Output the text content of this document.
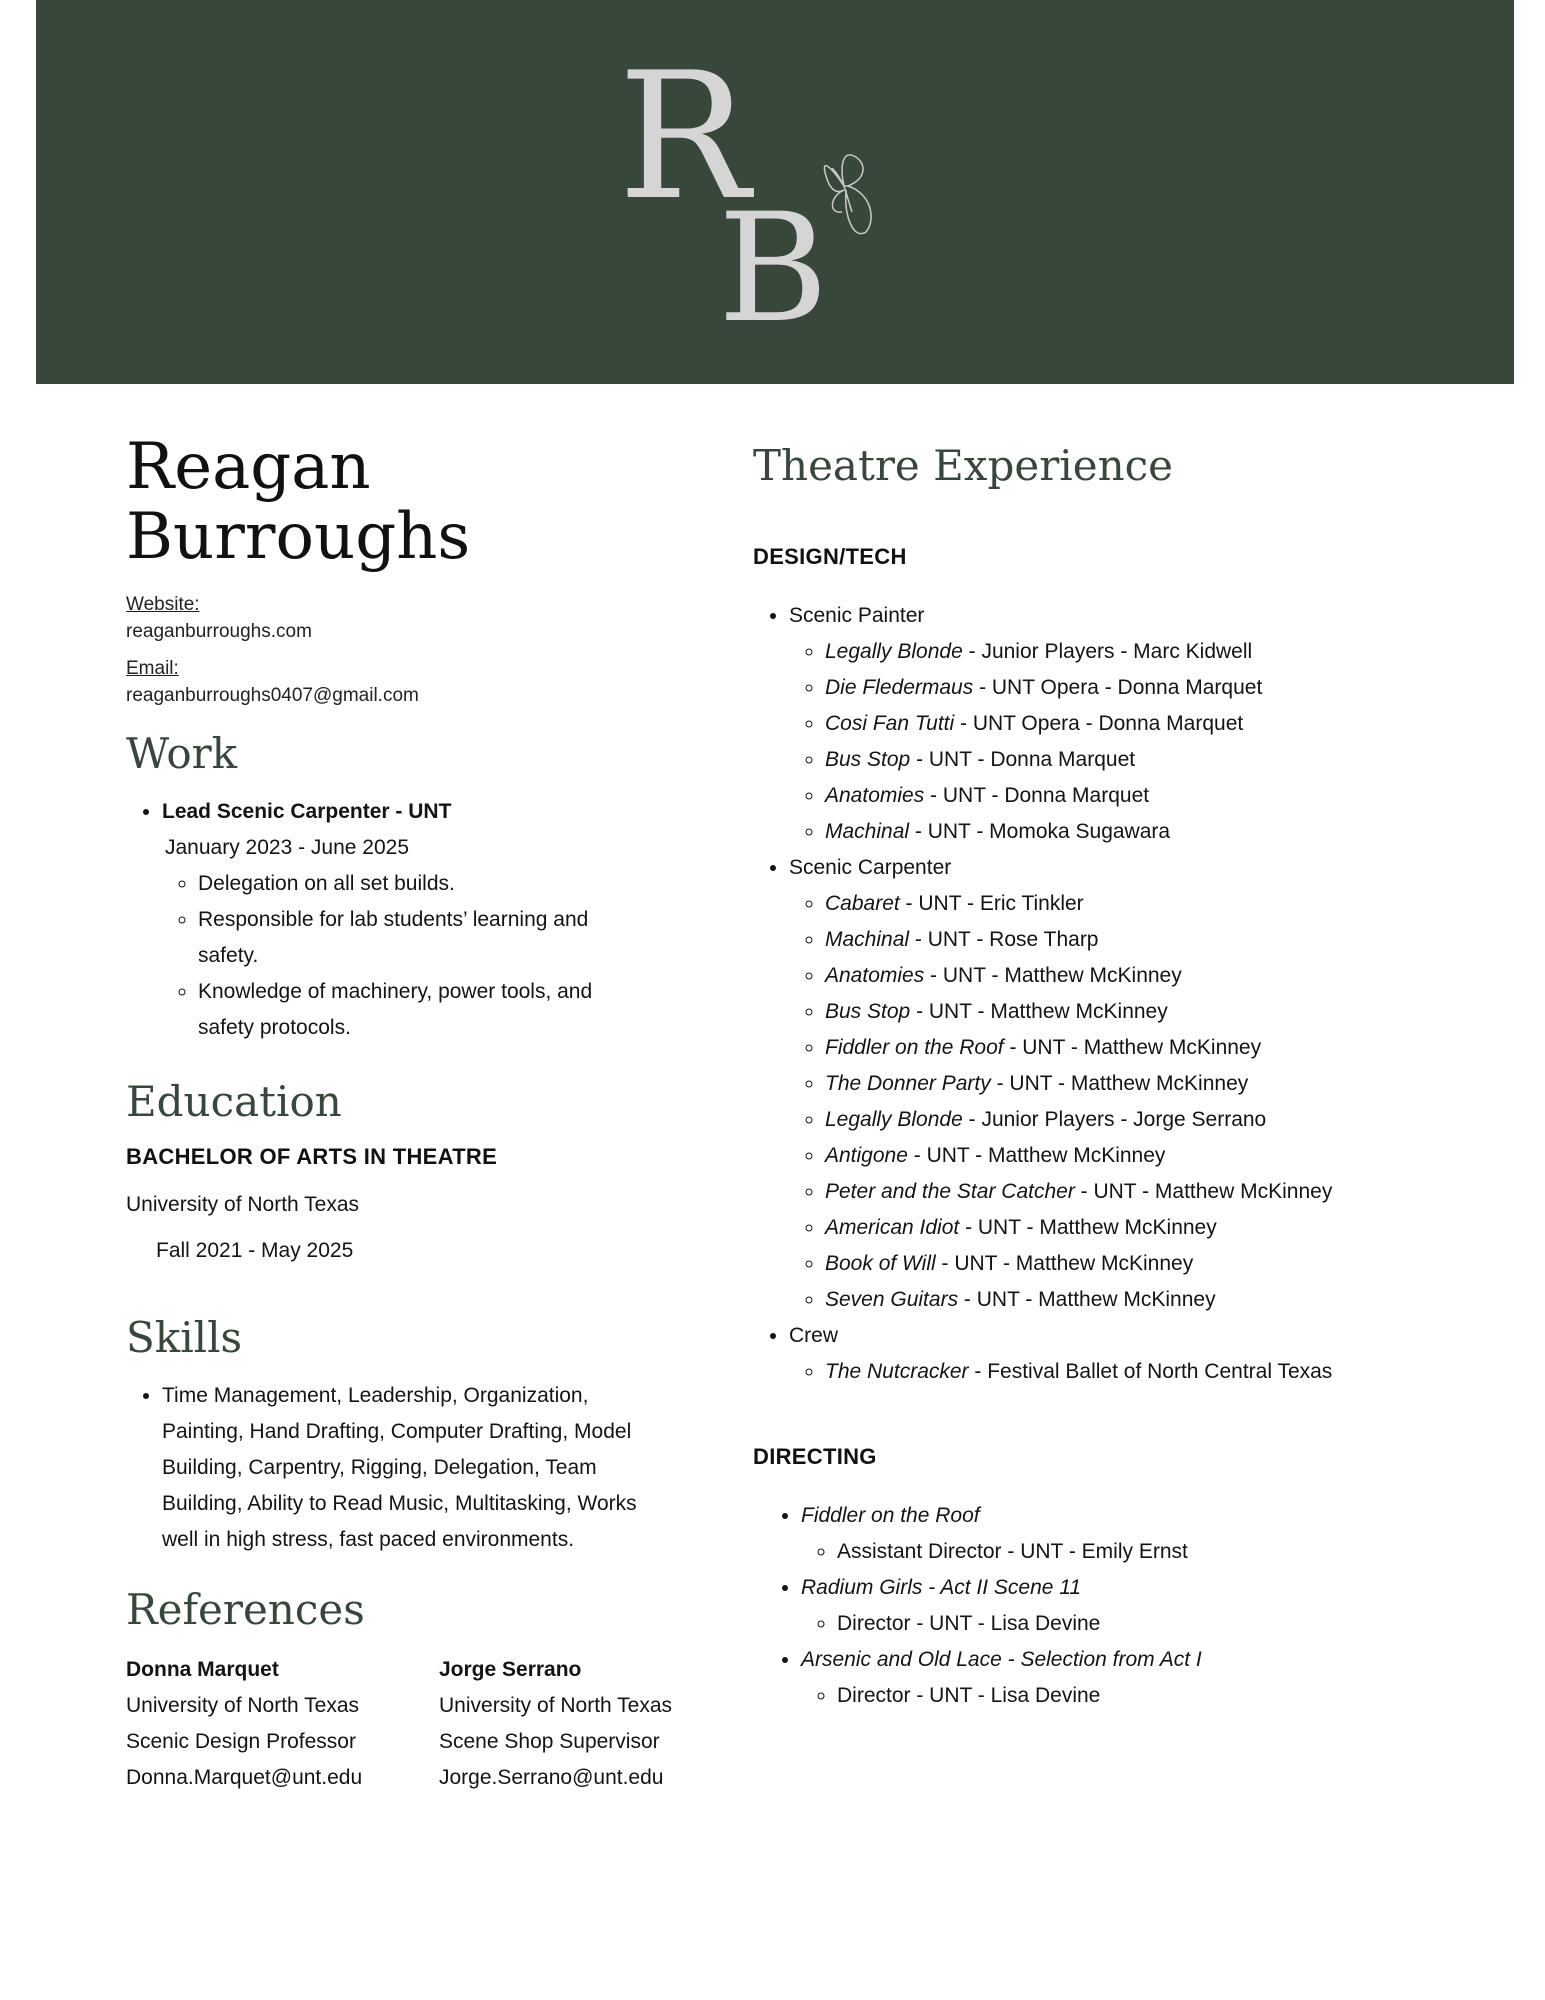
R
B
Reagan
Burroughs
Website:
reaganburroughs.com
Email:
reaganburroughs0407@gmail.com
Work
• Lead Scenic Carpenter - UNT
January 2023 - June 2025
◦ Delegation on all set builds.
◦ Responsible for lab students’ learning and safety.
◦ Knowledge of machinery, power tools, and safety protocols.
Education
BACHELOR OF ARTS IN THEATRE
University of North Texas
Fall 2021 - May 2025
Skills
• Time Management, Leadership, Organization, Painting, Hand Drafting, Computer Drafting, Model Building, Carpentry, Rigging, Delegation, Team Building, Ability to Read Music, Multitasking, Works well in high stress, fast paced environments.
References
Donna Marquet
University of North Texas
Scenic Design Professor
Donna.Marquet@unt.edu
Jorge Serrano
University of North Texas
Scene Shop Supervisor
Jorge.Serrano@unt.edu
Theatre Experience
DESIGN/TECH
• Scenic Painter
◦ Legally Blonde - Junior Players - Marc Kidwell
◦ Die Fledermaus - UNT Opera - Donna Marquet
◦ Cosi Fan Tutti - UNT Opera - Donna Marquet
◦ Bus Stop - UNT - Donna Marquet
◦ Anatomies - UNT - Donna Marquet
◦ Machinal - UNT - Momoka Sugawara
• Scenic Carpenter
◦ Cabaret - UNT - Eric Tinkler
◦ Machinal - UNT - Rose Tharp
◦ Anatomies - UNT - Matthew McKinney
◦ Bus Stop - UNT - Matthew McKinney
◦ Fiddler on the Roof - UNT - Matthew McKinney
◦ The Donner Party - UNT - Matthew McKinney
◦ Legally Blonde - Junior Players - Jorge Serrano
◦ Antigone - UNT - Matthew McKinney
◦ Peter and the Star Catcher - UNT - Matthew McKinney
◦ American Idiot - UNT - Matthew McKinney
◦ Book of Will - UNT - Matthew McKinney
◦ Seven Guitars - UNT - Matthew McKinney
• Crew
◦ The Nutcracker - Festival Ballet of North Central Texas
DIRECTING
• Fiddler on the Roof
◦ Assistant Director - UNT - Emily Ernst
• Radium Girls - Act II Scene 11
◦ Director - UNT - Lisa Devine
• Arsenic and Old Lace - Selection from Act I
◦ Director - UNT - Lisa Devine
